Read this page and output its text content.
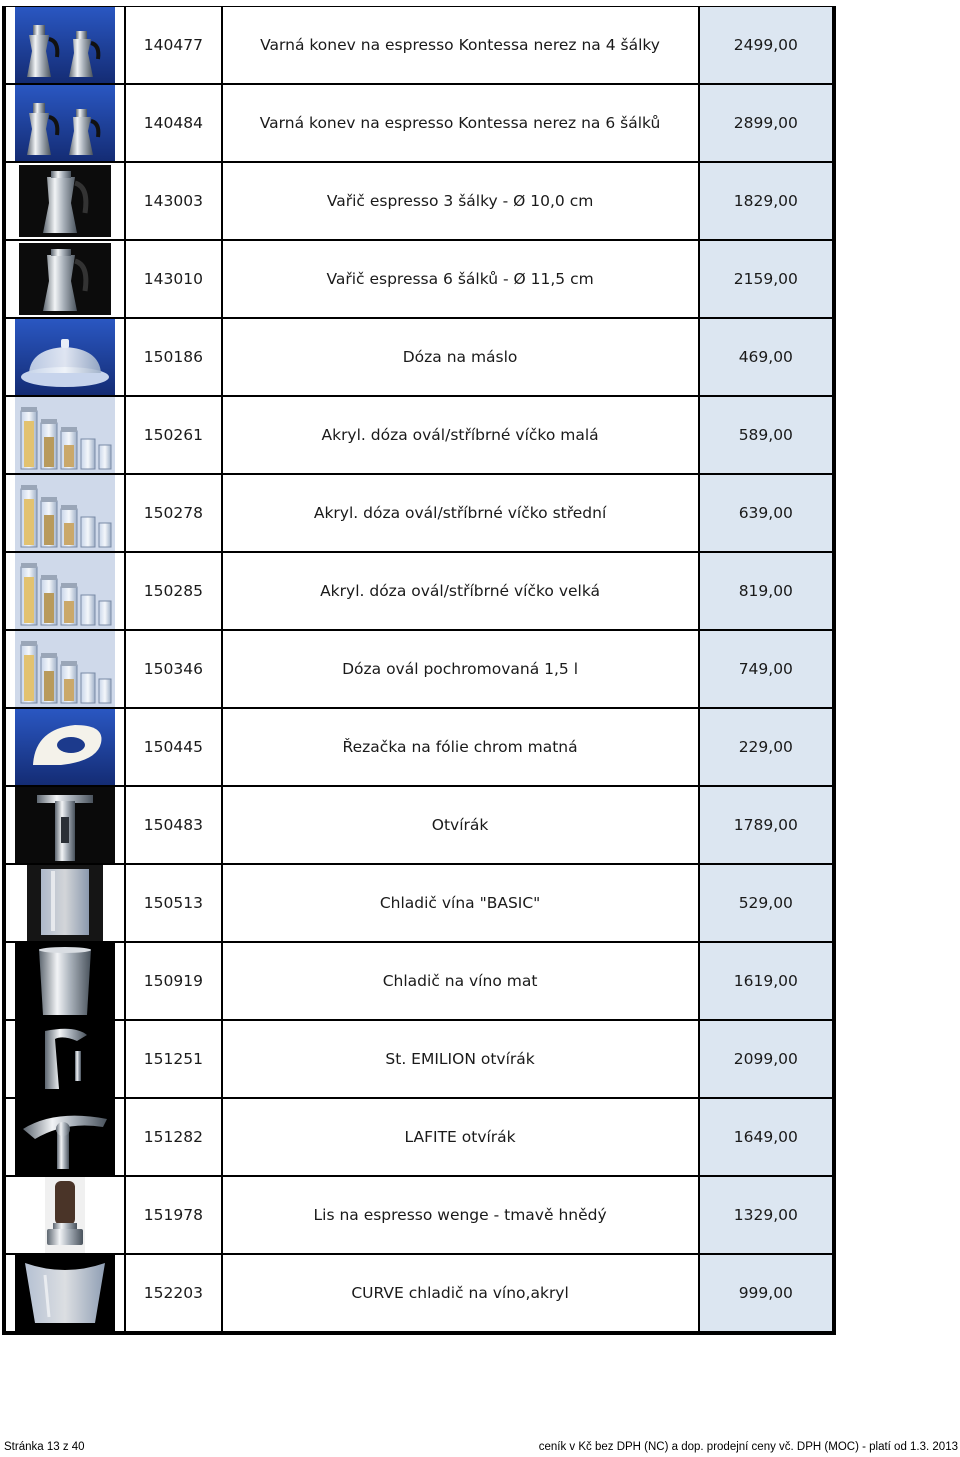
	140477	Varná konev na espresso Kontessa nerez na 4 šálky	2499,00

	140484	Varná konev na espresso Kontessa nerez na 6 šálků	2899,00

	143003	Vařič espresso 3 šálky - Ø 10,0 cm	1829,00

	143010	Vařič espressa 6 šálků - Ø 11,5 cm	2159,00

	150186	Dóza na máslo	469,00

	150261	Akryl. dóza ovál/stříbrné víčko malá	589,00

	150278	Akryl. dóza ovál/stříbrné víčko střední	639,00

	150285	Akryl. dóza ovál/stříbrné víčko velká	819,00

	150346	Dóza ovál pochromovaná 1,5 l	749,00

	150445	Řezačka na fólie chrom matná	229,00

	150483	Otvírák	1789,00

	150513	Chladič vína "BASIC"	529,00

	150919	Chladič na víno mat	1619,00

	151251	St. EMILION otvírák	2099,00

	151282	LAFITE otvírák	1649,00

	151978	Lis na espresso wenge - tmavě hnědý	1329,00

	152203	CURVE chladič na víno,akryl	999,00
Stránka 13 z 40	ceník v Kč bez DPH (NC) a dop. prodejní ceny vč. DPH (MOC) - platí od 1.3. 2013
